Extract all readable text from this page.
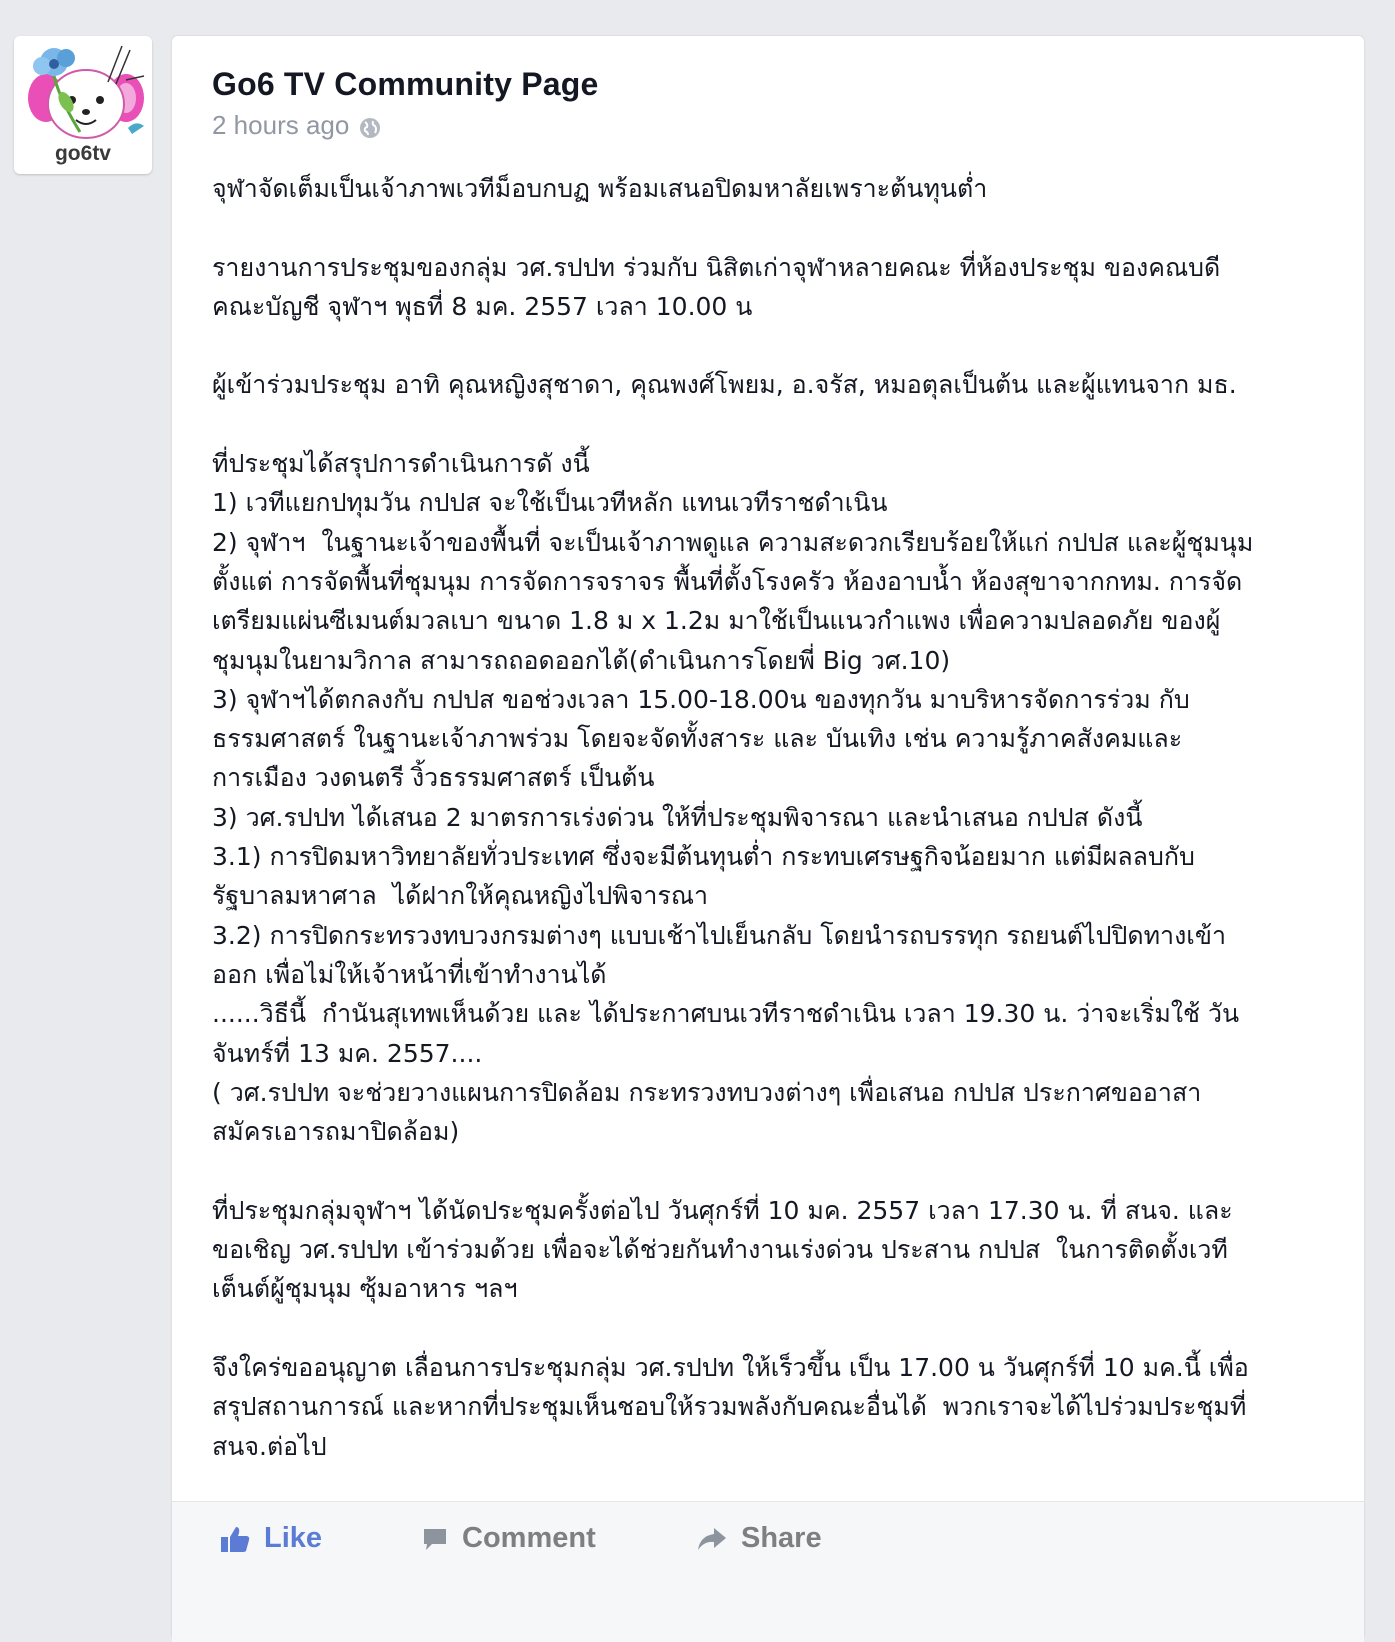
go6tv
Go6 TV Community Page
2 hours ago

จุฬาจัดเต็มเป็นเจ้าภาพเวทีม็อบกบฏ พร้อมเสนอปิดมหาลัยเพราะต้นทุนต่ำ

รายงานการประชุมของกลุ่ม วศ.รปปท ร่วมกับ นิสิตเก่าจุฬาหลายคณะ ที่ห้องประชุม ของคณบดี

คณะบัญชี จุฬาฯ พุธที่ 8 มค. 2557 เวลา 10.00 น

ผู้เข้าร่วมประชุม อาทิ คุณหญิงสุชาดา, คุณพงศ์โพยม, อ.จรัส, หมอตุลเป็นต้น และผู้แทนจาก มธ.

ที่ประชุมได้สรุปการดำเนินการดั งนี้

1) เวทีแยกปทุมวัน กปปส จะใช้เป็นเวทีหลัก แทนเวทีราชดำเนิน

2) จุฬาฯ  ในฐานะเจ้าของพื้นที่ จะเป็นเจ้าภาพดูแล ความสะดวกเรียบร้อยให้แก่ กปปส และผู้ชุมนุม

ตั้งแต่ การจัดพื้นที่ชุมนุม การจัดการจราจร พื้นที่ตั้งโรงครัว ห้องอาบน้ำ ห้องสุขาจากกทม. การจัด

เตรียมแผ่นซีเมนต์มวลเบา ขนาด 1.8 ม x 1.2ม มาใช้เป็นแนวกำแพง เพื่อความปลอดภัย ของผู้

ชุมนุมในยามวิกาล สามารถถอดออกได้(ดำเนินการโดยพี่ Big วศ.10)

3) จุฬาฯได้ตกลงกับ กปปส ขอช่วงเวลา 15.00-18.00น ของทุกวัน มาบริหารจัดการร่วม กับ

ธรรมศาสตร์ ในฐานะเจ้าภาพร่วม โดยจะจัดทั้งสาระ และ บันเทิง เช่น ความรู้ภาคสังคมและ

การเมือง วงดนตรี งิ้วธรรมศาสตร์ เป็นต้น

3) วศ.รปปท ได้เสนอ 2 มาตรการเร่งด่วน ให้ที่ประชุมพิจารณา และนำเสนอ กปปส ดังนี้

3.1) การปิดมหาวิทยาลัยทั่วประเทศ ซึ่งจะมีต้นทุนต่ำ กระทบเศรษฐกิจน้อยมาก แต่มีผลลบกับ

รัฐบาลมหาศาล  ได้ฝากให้คุณหญิงไปพิจารณา

3.2) การปิดกระทรวงทบวงกรมต่างๆ แบบเช้าไปเย็นกลับ โดยนำรถบรรทุก รถยนต์ไปปิดทางเข้า

ออก เพื่อไม่ให้เจ้าหน้าที่เข้าทำงานได้

......วิธีนี้  กำนันสุเทพเห็นด้วย และ ได้ประกาศบนเวทีราชดำเนิน เวลา 19.30 น. ว่าจะเริ่มใช้ วัน

จันทร์ที่ 13 มค. 2557....

( วศ.รปปท จะช่วยวางแผนการปิดล้อม กระทรวงทบวงต่างๆ เพื่อเสนอ กปปส ประกาศขออาสา

สมัครเอารถมาปิดล้อม)

ที่ประชุมกลุ่มจุฬาฯ ได้นัดประชุมครั้งต่อไป วันศุกร์ที่ 10 มค. 2557 เวลา 17.30 น. ที่ สนจ. และ

ขอเชิญ วศ.รปปท เข้าร่วมด้วย เพื่อจะได้ช่วยกันทำงานเร่งด่วน ประสาน กปปส  ในการติดตั้งเวที

เต็นต์ผู้ชุมนุม ซุ้มอาหาร ฯลฯ

จึงใคร่ขออนุญาต เลื่อนการประชุมกลุ่ม วศ.รปปท ให้เร็วขึ้น เป็น 17.00 น วันศุกร์ที่ 10 มค.นี้ เพื่อ

สรุปสถานการณ์ และหากที่ประชุมเห็นชอบให้รวมพลังกับคณะอื่นได้  พวกเราจะได้ไปร่วมประชุมที่

สนจ.ต่อไป

Like	Comment	Share
